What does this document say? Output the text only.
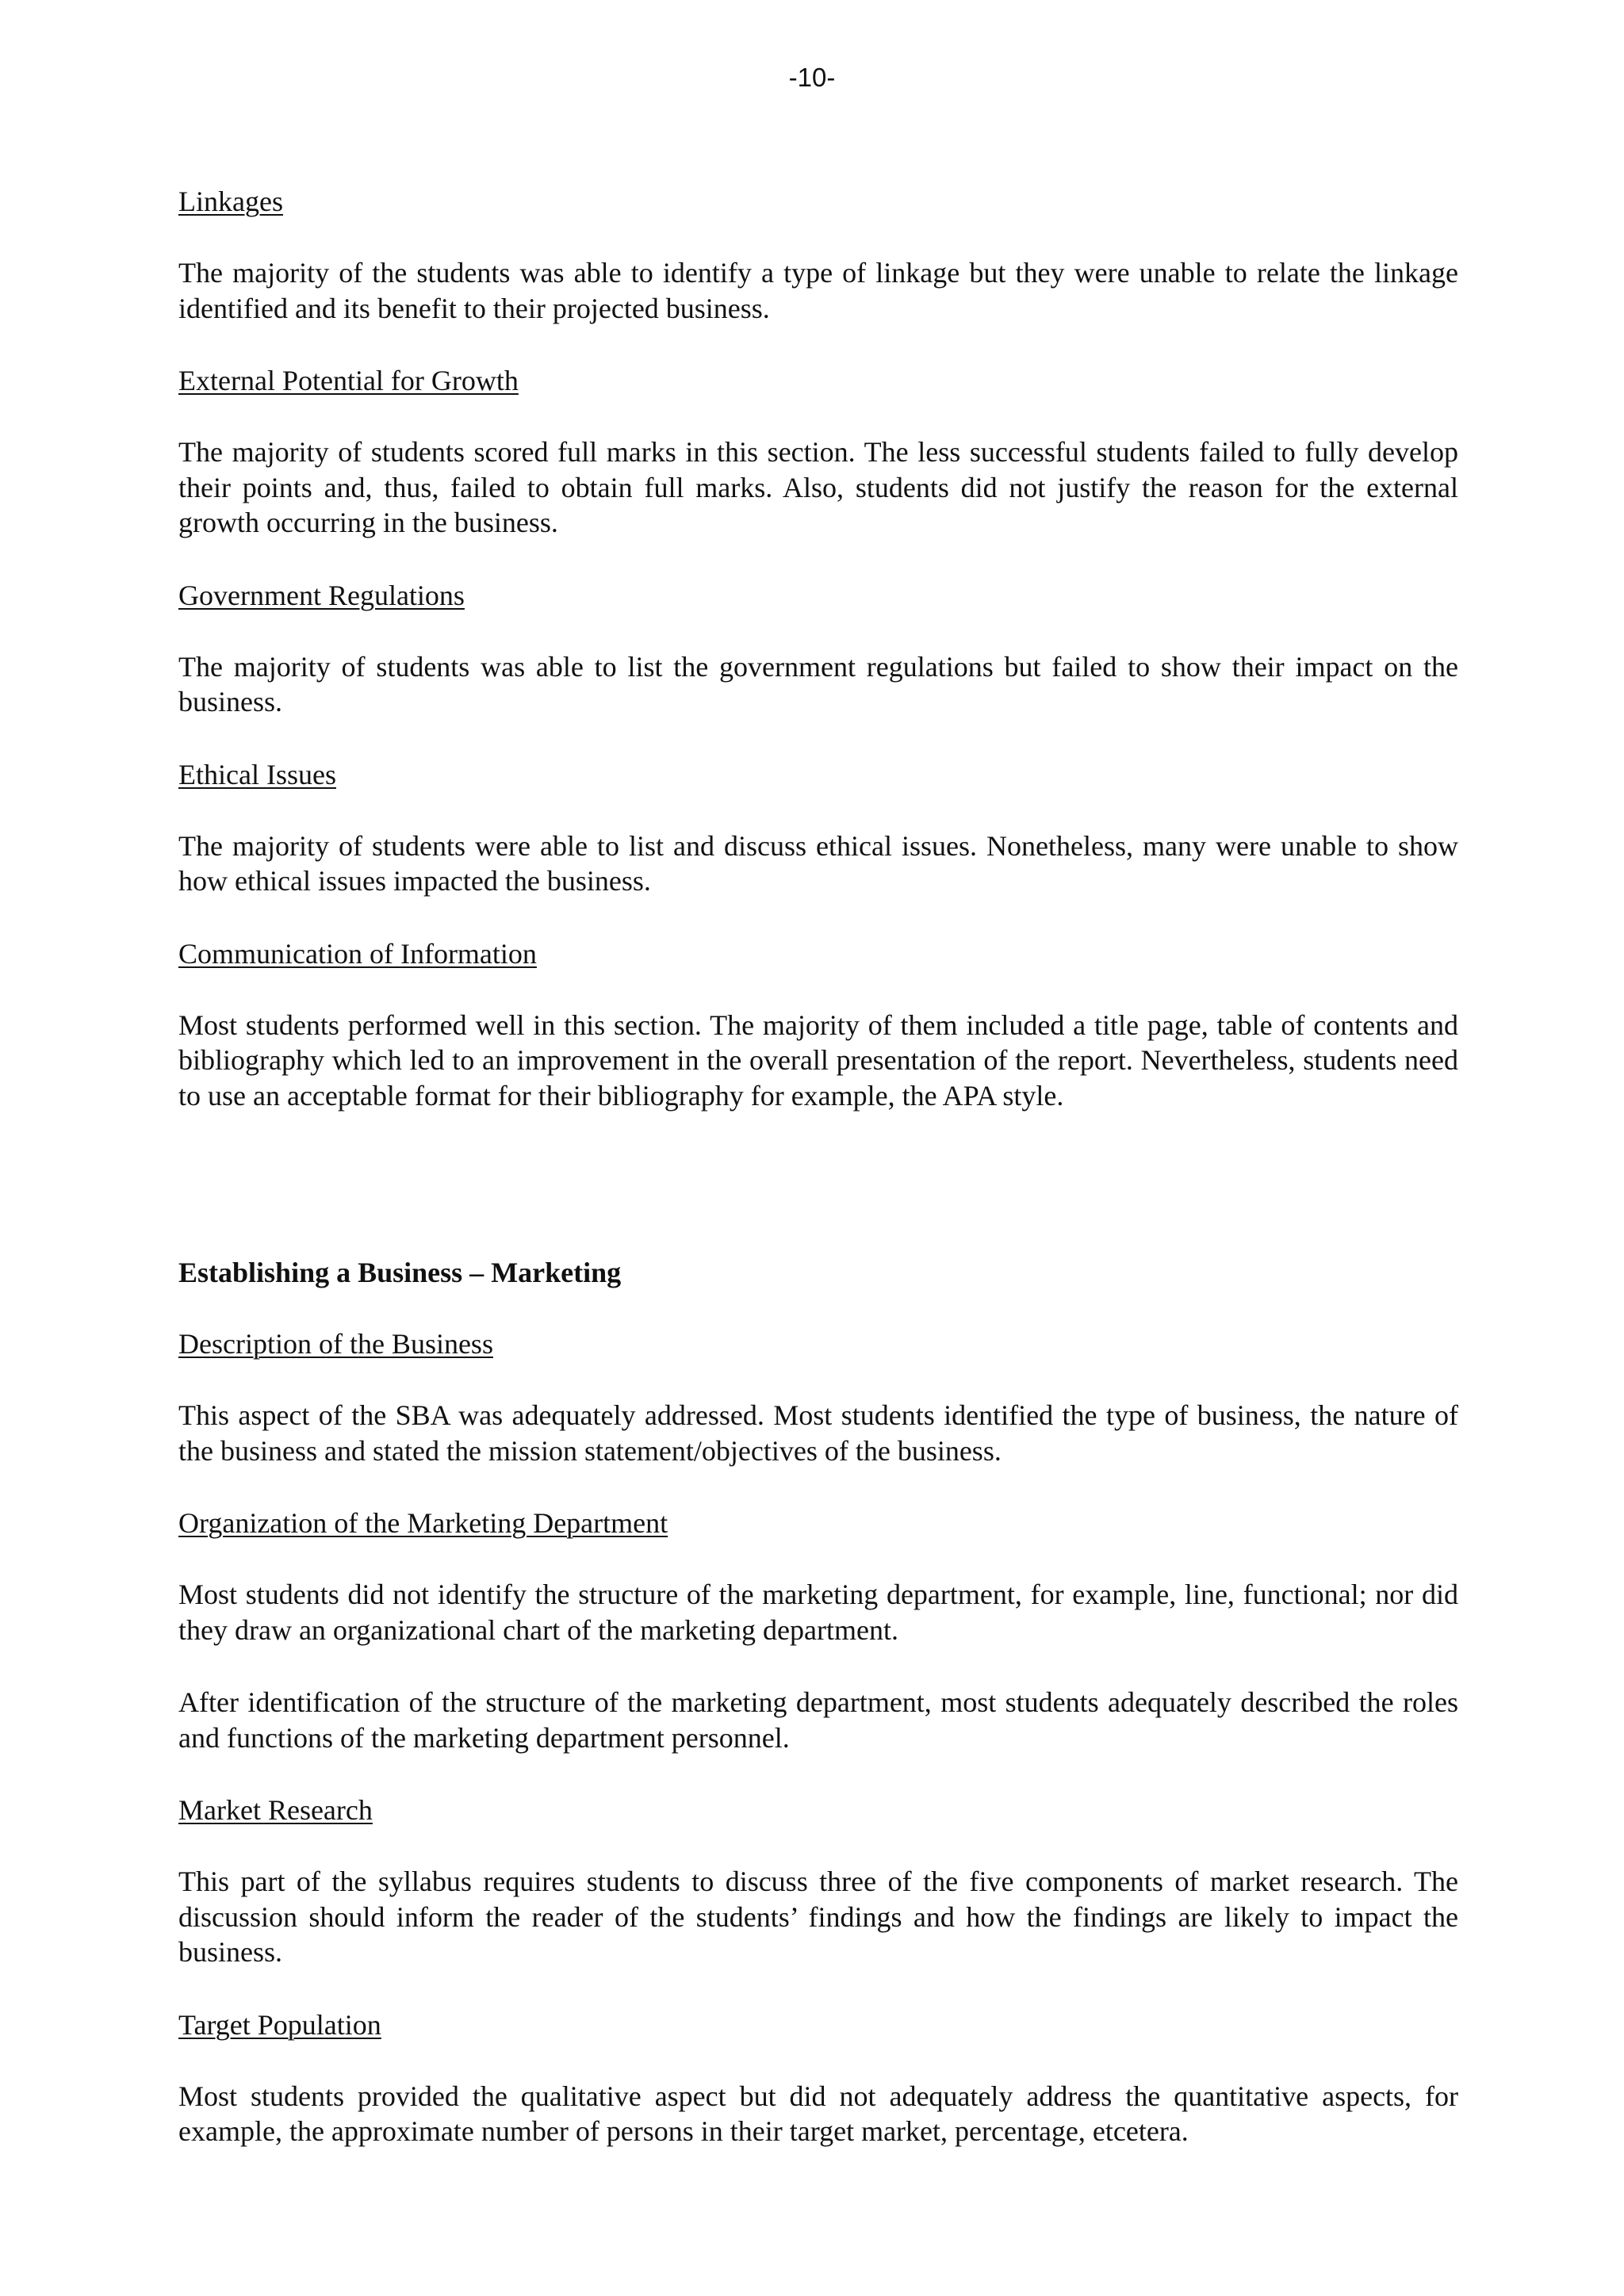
-10-
Linkages

The majority of the students was able to identify a type of linkage but they were unable to relate the linkage identified and its benefit to their projected business.

External Potential for Growth

The majority of students scored full marks in this section. The less successful students failed to fully develop their points and, thus, failed to obtain full marks. Also, students did not justify the reason for the external growth occurring in the business.

Government Regulations

The majority of students was able to list the government regulations but failed to show their impact on the business.

Ethical Issues

The majority of students were able to list and discuss ethical issues. Nonetheless, many were unable to show how ethical issues impacted the business.

Communication of Information

Most students performed well in this section. The majority of them included a title page, table of contents and bibliography which led to an improvement in the overall presentation of the report. Nevertheless, students need to use an acceptable format for their bibliography for example, the APA style.

Establishing a Business – Marketing
Description of the Business

This aspect of the SBA was adequately addressed. Most students identified the type of business, the nature of the business and stated the mission statement/objectives of the business.

Organization of the Marketing Department

Most students did not identify the structure of the marketing department, for example, line, functional; nor did they draw an organizational chart of the marketing department.

After identification of the structure of the marketing department, most students adequately described the roles and functions of the marketing department personnel.

Market Research

This part of the syllabus requires students to discuss three of the five components of market research. The discussion should inform the reader of the students’ findings and how the findings are likely to impact the business.

Target Population

Most students provided the qualitative aspect but did not adequately address the quantitative aspects, for example, the approximate number of persons in their target market, percentage, etcetera.
